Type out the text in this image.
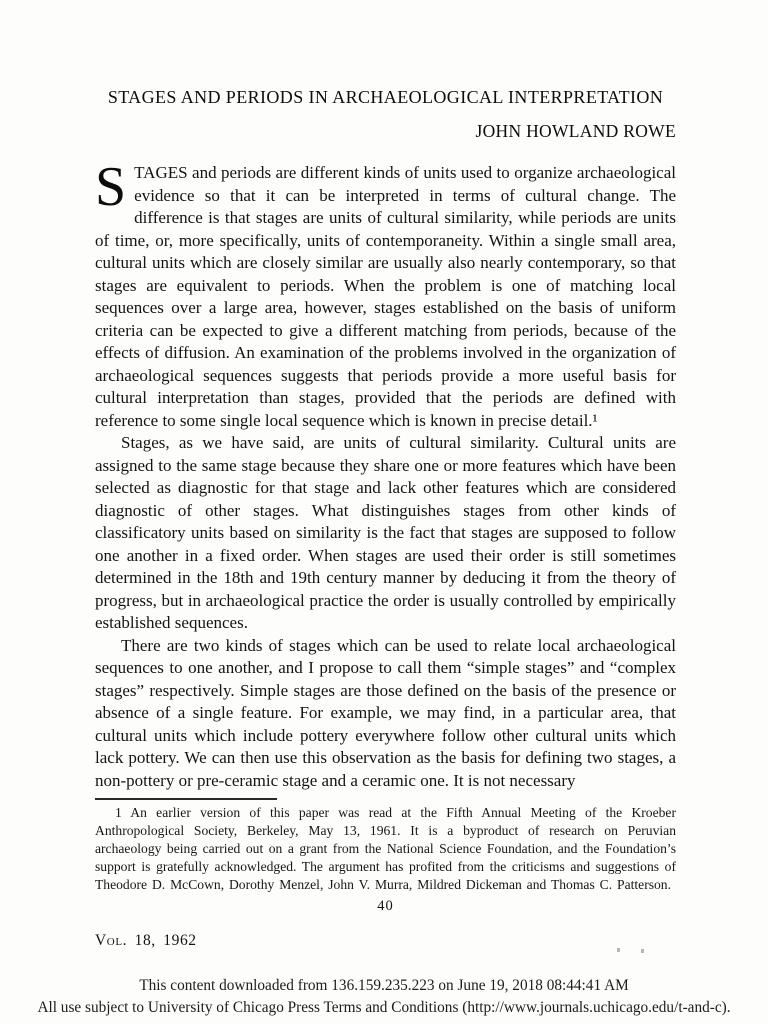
STAGES AND PERIODS IN ARCHAEOLOGICAL INTERPRETATION
JOHN HOWLAND ROWE

STAGES and periods are different kinds of units used to organize archaeological evidence so that it can be interpreted in terms of cultural change. The difference is that stages are units of cultural similarity, while periods are units of time, or, more specifically, units of contemporaneity. Within a single small area, cultural units which are closely similar are usually also nearly contemporary, so that stages are equivalent to periods. When the problem is one of matching local sequences over a large area, however, stages established on the basis of uniform criteria can be expected to give a different matching from periods, because of the effects of diffusion. An examination of the problems involved in the organization of archaeological sequences suggests that periods provide a more useful basis for cultural interpretation than stages, provided that the periods are defined with reference to some single local sequence which is known in precise detail.¹

Stages, as we have said, are units of cultural similarity. Cultural units are assigned to the same stage because they share one or more features which have been selected as diagnostic for that stage and lack other features which are considered diagnostic of other stages. What distinguishes stages from other kinds of classificatory units based on similarity is the fact that stages are supposed to follow one another in a fixed order. When stages are used their order is still sometimes determined in the 18th and 19th century manner by deducing it from the theory of progress, but in archaeological practice the order is usually controlled by empirically established sequences.

There are two kinds of stages which can be used to relate local archaeological sequences to one another, and I propose to call them “simple stages” and “complex stages” respectively. Simple stages are those defined on the basis of the presence or absence of a single feature. For example, we may find, in a particular area, that cultural units which include pottery everywhere follow other cultural units which lack pottery. We can then use this observation as the basis for defining two stages, a non-pottery or pre-ceramic stage and a ceramic one. It is not necessary

1 An earlier version of this paper was read at the Fifth Annual Meeting of the Kroeber Anthropological Society, Berkeley, May 13, 1961. It is a byproduct of research on Peruvian archaeology being carried out on a grant from the National Science Foundation, and the Foundation’s support is gratefully acknowledged. The argument has profited from the criticisms and suggestions of Theodore D. McCown, Dorothy Menzel, John V. Murra, Mildred Dickeman and Thomas C. Patterson.

40
Vol. 18, 1962
This content downloaded from 136.159.235.223 on June 19, 2018 08:44:41 AM
All use subject to University of Chicago Press Terms and Conditions (http://www.journals.uchicago.edu/t-and-c).
